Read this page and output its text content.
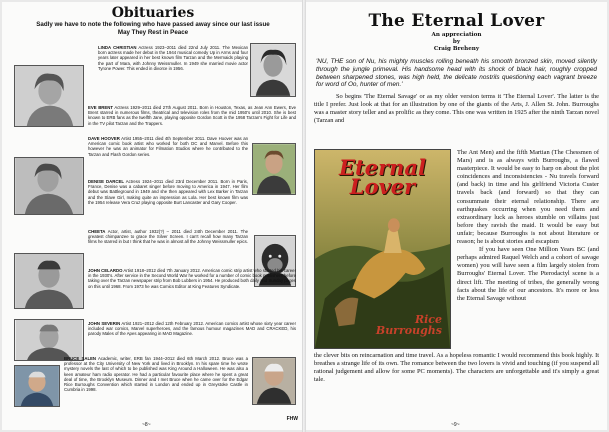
Obituaries

Sadly we have to note the following who have passed away since our last issue

May They Rest in Peace

LINDA CHRISTIAN Actress 1923–2011 died 22nd July 2011. The Mexican born actress made her debut in the 1944 musical comedy Up in Arms and four years later appeared in her best known film Tarzan and the Mermaids playing the part of Mara, with Johnny Weissmuller. In 1949 she married movie actor Tyrone Power. This ended in divorce in 1956.
EVE BRENT Actress 1929–2011 died 27th August 2011. Born in Houston, Texas, as Jean Ann Ewers, Eve Brent starred in numerous films, theatrical and television roles from the mid 1950's until 2010. She is best known to ERB fans as the twelfth Jane, playing opposite Gordon Scott in the 1958 Tarzan's Fight for Life and in the TV pilot Tarzan and the Trappers.
DAVE HOOVER Artist 1955–2011 died 4th September 2011. Dave Hoover was an American comic book artist who worked for both DC and Marvel. Before this however he was an animator for Filmation Studios where he contributed to the Tarzan and Flash Gordon series.
DENISE DARCEL Actress 1924–2011 died 23rd December 2011. Born in Paris, France, Denise was a cabaret singer before moving to America in 1947. Her film debut was Battleground in 1949 and she then appeared with Lex Barker in Tarzan and the Slave Girl, making quite an impression as Lola. Her best known film was the 1954 release Vera Cruz playing opposite Burt Lancaster and Gary Cooper.
CHEETA Actor, artist, author 1932(?) – 2011 died 24th December 2011. The greatest chimpanzee to grace the Silver Screen. I can't recall how many Tarzan films he starred in but I think that he was in almost all the Johnny Weissmuller epics.
JOHN CELARDO Artist 1918–2012 died 7th January 2012. American comic strip artist who started his career in the 1930's. After service in the Second World War he worked for a number of comic book publishers before taking over the Tarzan newspaper strip from Bob Lubbers in 1954. He produced both daily and Sunday pages on this until 1968. From 1973 he was Comics Editor at King Features Syndicate.
JOHN SEVERIN Artist 1921–2012 died 12th February 2012. American comics artist whose sixty year career included war comics, Marvel superheroes, and the famous humour magazines MAD and CRACKED, his parody Males of the Apes appearing in MAD Magazine.
BRUCE SALEN Academic, writer, ERB fan 1944–2012 died 6th March 2012. Bruce was a professor at the City University of New York and lived in Brooklyn. In his spare time he wrote mystery novels the last of which to be published was King Around a Halloween. He was also a keen amateur ham radio operator. He had a particular favourite place where he spent a great deal of time, the Brooklyn Museum. Dinner and I met Bruce when he came over for the Edgar Rice Burroughs Convention which started in London and ended up in Greystoke Castle in Cumbria in 1998.
FHW
~8~
The Eternal Lover

An appreciation

by
Craig Breheny

'NU, THE son of Nu, his mighty muscles rolling beneath his smooth bronzed skin, moved silently through the jungle primeval. His handsome head with its shock of black hair, roughly cropped between sharpened stones, was high held, the delicate nostrils questioning each vagrant breeze for word of Oo, hunter of men.'

So begins 'The Eternal Savage' or as my older version terms it 'The Eternal Lover'. The latter is the title I prefer. Just look at that for an illustration by one of the giants of the Arts, J. Allen St. John. Burroughs was a master story teller and as prolific as they come. This one was written in 1925 after the ninth Tarzan novel (Tarzan and

Eternal
Lover
Rice
Burroughs

The Ant Men) and the fifth Martian (The Chessmen of Mars) and is as always with Burroughs, a flawed masterpiece. It would be easy to harp on about the plot coincidences and inconsistencies - Nu travels forward (and back) in time and his girlfriend Victoria Custer travels back (and forward) so that they can consummate their eternal relationship. There are earthquakes occurring when you need them and extraordinary luck as heroes stumble on villains just before they ravish the maid. It would be easy but unfair; because Burroughs is not about literature or reason; he is about stories and escapism

If you have seen One Million Years BC (and perhaps admired Raquel Welch and a cohort of savage women) you will have seen a film largely stolen from Burroughs' Eternal Lover. The Pterodactyl scene is a direct lift. The meeting of tribes, the generally wrong facts about the life of our ancestors. It's more or less the Eternal Savage without

the clever bits on reincarnation and time travel. As a hopeless romantic I would recommend this book highly. It breathes a strange life of its own. The romance between the two lovers is vivid and touching (if you suspend all rational judgement and allow for some PC moments). The characters are unforgettable and it's simply a great tale.

~9~
